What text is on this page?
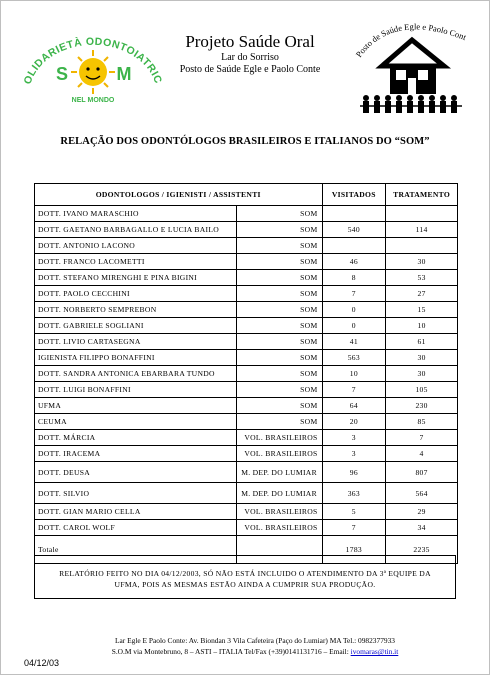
OLIDARIETÀ ODONTOIATRIC
S	M
NEL MONDO
Projeto Saúde Oral
Lar do Sorriso
Posto de Saúde Egle e Paolo Conte
Posto de Saúde Egle e Paolo Cont
RELAÇÃO DOS ODONTÓLOGOS BRASILEIROS E ITALIANOS DO “SOM”
ODONTOLOGOS / IGIENISTI / ASSISTENTI		VISITADOS	TRATAMENTO
DOTT. IVANO MARASCHIO	SOM		
DOTT. GAETANO BARBAGALLO E LUCIA BAILO	SOM	540	114
DOTT. ANTONIO LACONO	SOM		
DOTT. FRANCO LACOMETTI	SOM	46	30
DOTT. STEFANO MIRENGHI E PINA BIGINI	SOM	8	53
DOTT. PAOLO CECCHINI	SOM	7	27
DOTT. NORBERTO SEMPREBON	SOM	0	15
DOTT. GABRIELE SOGLIANI	SOM	0	10
DOTT. LIVIO CARTASEGNA	SOM	41	61
IGIENISTA FILIPPO BONAFFINI	SOM	563	30
DOTT. SANDRA ANTONICA EBARBARA TUNDO	SOM	10	30
DOTT. LUIGI BONAFFINI	SOM	7	105
UFMA	SOM	64	230
CEUMA	SOM	20	85
DOTT. MÁRCIA	VOL. BRASILEIROS	3	7
DOTT. IRACEMA	VOL. BRASILEIROS	3	4
DOTT. DEUSA	M. DEP. DO LUMIAR	96	807
DOTT. SILVIO	M. DEP. DO LUMIAR	363	564
DOTT. GIAN MARIO CELLA	VOL. BRASILEIROS	5	29
DOTT. CAROL WOLF	VOL. BRASILEIROS	7	34
Totale		1783	2235
RELATÓRIO FEITO NO DIA 04/12/2003, SÓ NÃO ESTÁ INCLUIDO O ATENDIMENTO DA 3ª EQUIPE DA
UFMA, POIS AS MESMAS ESTÃO AINDA A CUMPRIR SUA PRODUÇÃO.
Lar Egle E Paolo Conte: Av. Biondan 3 Vila Cafeteira (Paço do Lumiar) MA Tel.: 0982377933
S.O.M via Montebruno, 8 – ASTI – ITALIA Tel/Fax (+39)0141131716 – Email: ivomaras@tin.it
04/12/03
